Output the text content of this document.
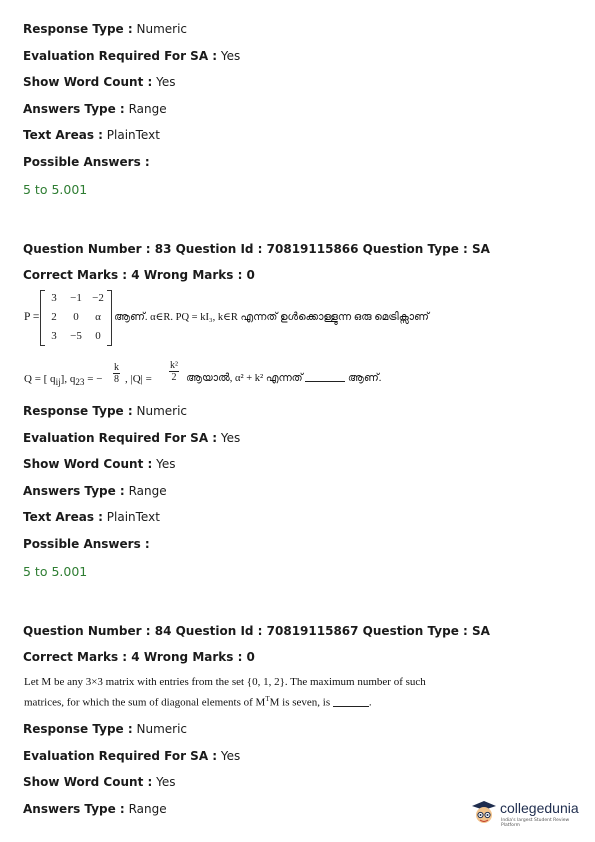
Response Type : Numeric
Evaluation Required For SA : Yes
Show Word Count : Yes
Answers Type : Range
Text Areas : PlainText
Possible Answers :
5 to 5.001
Question Number : 83 Question Id : 70819115866 Question Type : SA
Correct Marks : 4 Wrong Marks : 0
P =
3	−1 −2
2	0	α
3	−5	0
ആണ്. α∈R. PQ = kI₃, k∈R എന്നത് ഉൾക്കൊള്ളുന്ന ഒരു മെട്രിക്സാണ്
Q = [ $q_{ij}$], $q_{23}$ = − $\frac{k}{8}$ , $|Q| = \frac{\text{k²}}{2}$ ആയാൽ, α² + k² എന്നത്	ആണ്.
Response Type : Numeric
Evaluation Required For SA : Yes
Show Word Count : Yes
Answers Type : Range
Text Areas : PlainText
Possible Answers :
5 to 5.001
Question Number : 84 Question Id : 70819115867 Question Type : SA
Correct Marks : 4 Wrong Marks : 0
Let M be any 3×3 matrix with entries from the set {0, 1, 2}. The maximum number of such
matrices, for which the sum of diagonal elements of $M^TM$ is seven, is	.
Response Type : Numeric
Evaluation Required For SA : Yes
Show Word Count : Yes
Answers Type : Range	collegedunia
India's largest Student Review Platform
